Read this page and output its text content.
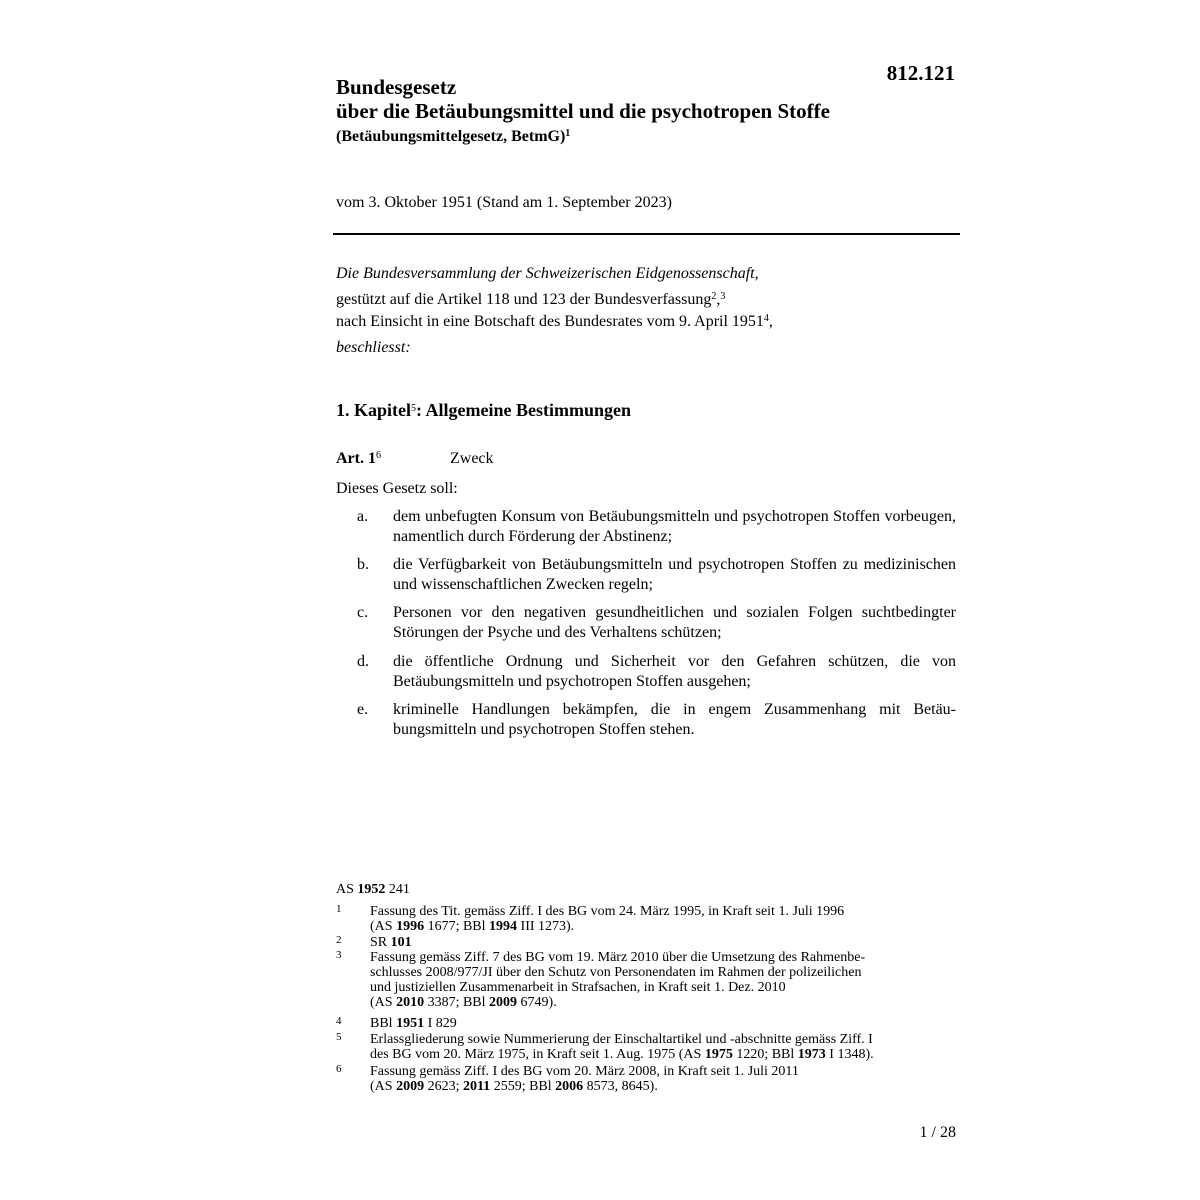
812.121
Bundesgesetz
über die Betäubungsmittel und die psychotropen Stoffe
(Betäubungsmittelgesetz, BetmG)$^1$
vom 3. Oktober 1951 (Stand am 1. September 2023)
Die Bundesversammlung der Schweizerischen Eidgenossenschaft,
gestützt auf die Artikel 118 und 123 der Bundesverfassung$^2$,$^3$
nach Einsicht in eine Botschaft des Bundesrates vom 9. April 1951$^4$,
beschliesst:
1. Kapitel$^5$: Allgemeine Bestimmungen
Art. $1^6$	Zweck
Dieses Gesetz soll:
a. dem unbefugten Konsum von Betäubungsmitteln und psychotropen Stoffen vorbeugen, namentlich durch Förderung der Abstinenz;
b. die Verfügbarkeit von Betäubungsmitteln und psychotropen Stoffen zu medizinischen und wissenschaftlichen Zwecken regeln;
c. Personen vor den negativen gesundheitlichen und sozialen Folgen suchtbedingter Störungen der Psyche und des Verhaltens schützen;
d. die öffentliche Ordnung und Sicherheit vor den Gefahren schützen, die von Betäubungsmitteln und psychotropen Stoffen ausgehen;
e. kriminelle Handlungen bekämpfen, die in engem Zusammenhang mit Betäubungsmitteln und psychotropen Stoffen stehen.
AS 1952 241
1 Fassung des Tit. gemäss Ziff. I des BG vom 24. März 1995, in Kraft seit 1. Juli 1996
(AS 1996 1677; BBl 1994 III 1273).
2 SR 101
3 Fassung gemäss Ziff. 7 des BG vom 19. März 2010 über die Umsetzung des Rahmenbe-
schlusses 2008/977/JI über den Schutz von Personendaten im Rahmen der polizeilichen
und justiziellen Zusammenarbeit in Strafsachen, in Kraft seit 1. Dez. 2010
(AS 2010 3387; BBl 2009 6749).
4 BBl 1951 I 829
5 Erlassgliederung sowie Nummerierung der Einschaltartikel und -abschnitte gemäss Ziff. I
des BG vom 20. März 1975, in Kraft seit 1. Aug. 1975 (AS 1975 1220; BBl 1973 I 1348).
6 Fassung gemäss Ziff. I des BG vom 20. März 2008, in Kraft seit 1. Juli 2011
(AS 2009 2623; 2011 2559; BBl 2006 8573, 8645).
1 / 28
